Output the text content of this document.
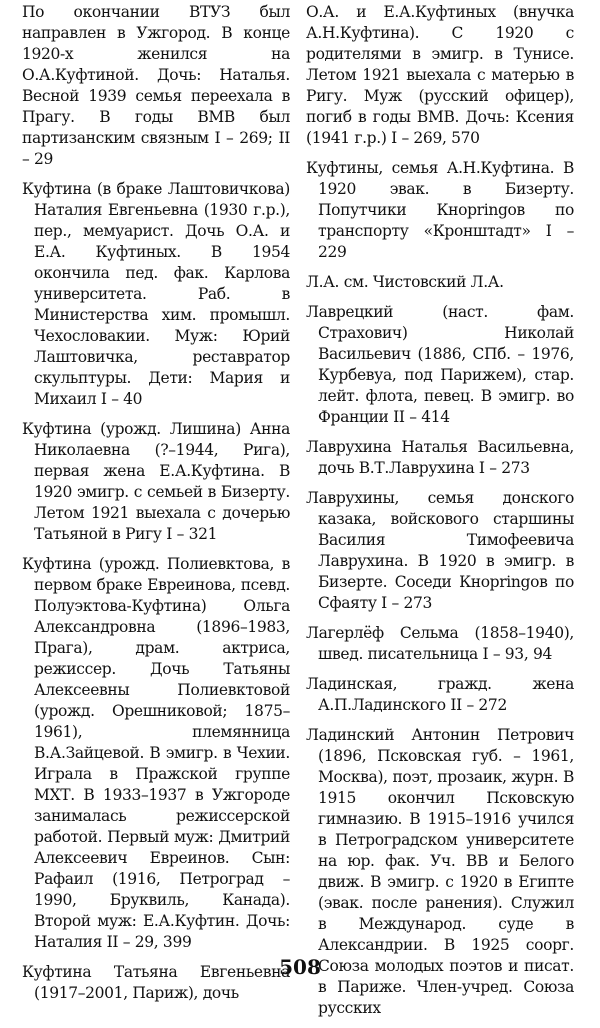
По окончании ВТУЗ был направлен в Ужгород. В конце 1920-х женился на О.А.Куфтиной. Дочь: Наталья. Весной 1939 семья переехала в Прагу. В годы ВМВ был партизанским связным I – 269; II – 29

Куфтина (в браке Лаштовичкова) Наталия Евгеньевна (1930 г.р.), пер., мемуарист. Дочь О.А. и Е.А. Куфтиных. В 1954 окончила пед. фак. Карлова университета. Раб. в Министерства хим. промышл. Чехословакии. Муж: Юрий Лаштовичка, реставратор скульптуры. Дети: Мария и Михаил I – 40

Куфтина (урожд. Лишина) Анна Николаевна (?–1944, Рига), первая жена Е.А.Куфтина. В 1920 эмигр. с семьей в Бизерту. Летом 1921 выехала с дочерью Татьяной в Ригу I – 321

Куфтина (урожд. Полиевктова, в первом браке Евреинова, псевд. Полуэктова-Куфтина) Ольга Александровна (1896–1983, Прага), драм. актриса, режиссер. Дочь Татьяны Алексеевны Полиевктовой (урожд. Орешниковой; 1875–1961), племянница В.А.Зайцевой. В эмигр. в Чехии. Играла в Пражской группе МХТ. В 1933–1937 в Ужгороде занималась режиссерской работой. Первый муж: Дмитрий Алексеевич Евреинов. Сын: Рафаил (1916, Петроград – 1990, Бруквиль, Канада). Второй муж: Е.А.Куфтин. Дочь: Наталия II – 29, 399

Куфтина Татьяна Евгеньевна (1917–2001, Париж), дочь

О.А. и Е.А.Куфтиных (внучка А.Н.Куфтина). С 1920 с родителями в эмигр. в Тунисе. Летом 1921 выехала с матерью в Ригу. Муж (русский офицер), погиб в годы ВМВ. Дочь: Ксения (1941 г.р.) I – 269, 570

Куфтины, семья А.Н.Куфтина. В 1920 эвак. в Бизерту. Попутчики Кнорringов по транспорту «Кронштадт» I – 229

Л.А. см. Чистовский Л.А.

Лаврецкий (наст. фам. Страхович) Николай Васильевич (1886, СПб. – 1976, Курбевуа, под Парижем), стар. лейт. флота, певец. В эмигр. во Франции II – 414

Лаврухина Наталья Васильевна, дочь В.Т.Лаврухина I – 273

Лаврухины, семья донского казака, войскового старшины Василия Тимофеевича Лаврухина. В 1920 в эмигр. в Бизерте. Соседи Кнорringов по Сфаяту I – 273

Лагерлёф Сельма (1858–1940), швед. писательница I – 93, 94

Ладинская, гражд. жена А.П.Ладинского II – 272

Ладинский Антонин Петрович (1896, Псковская губ. – 1961, Москва), поэт, прозаик, журн. В 1915 окончил Псковскую гимназию. В 1915–1916 учился в Петроградском университете на юр. фак. Уч. ВВ и Белого движ. В эмигр. с 1920 в Египте (эвак. после ранения). Служил в Международ. суде в Александрии. В 1925 соорг. Союза молодых поэтов и писат. в Париже. Член-учред. Союза русских

508
